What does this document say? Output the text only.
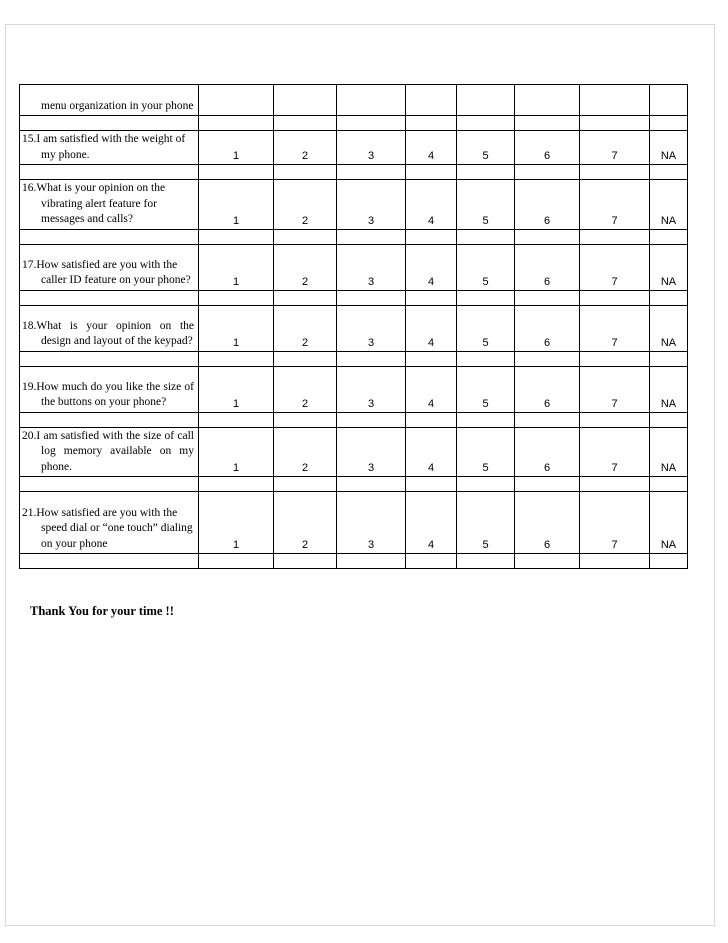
menu organization in your phone								

15.I am satisfied with the weight of my phone.	1	2	3	4	5	6	7	NA

16.What is your opinion on the vibrating alert feature for messages and calls?	1	2	3	4	5	6	7	NA

17.How satisfied are you with the caller ID feature on your phone?	1	2	3	4	5	6	7	NA

18.What is your opinion on the design and layout of the keypad?	1	2	3	4	5	6	7	NA

19.How much do you like the size of the buttons on your phone?	1	2	3	4	5	6	7	NA

20.I am satisfied with the size of call log memory available on my phone.	1	2	3	4	5	6	7	NA

21.How satisfied are you with the speed dial or “one touch” dialing on your phone	1	2	3	4	5	6	7	NA

Thank You for your time !!
